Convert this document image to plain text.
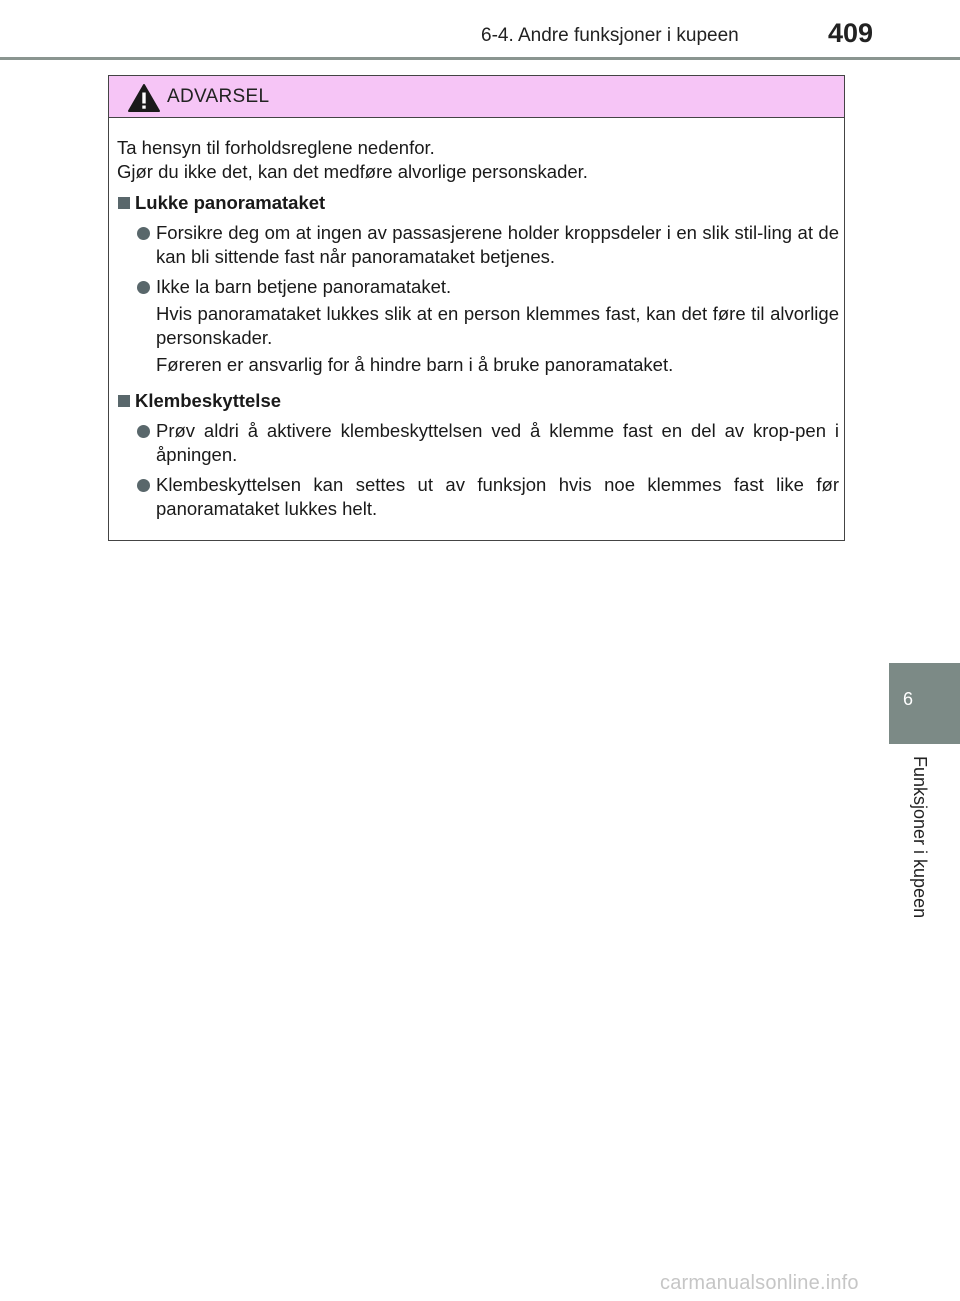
6-4. Andre funksjoner i kupeen	409
ADVARSEL

Ta hensyn til forholdsreglene nedenfor.

Gjør du ikke det, kan det medføre alvorlige personskader.

Lukke panoramataket

Forsikre deg om at ingen av passasjerene holder kroppsdeler i en slik stil-ling at de kan bli sittende fast når panoramataket betjenes.

Ikke la barn betjene panoramataket.

Hvis panoramataket lukkes slik at en person klemmes fast, kan det føre til alvorlige personskader.

Føreren er ansvarlig for å hindre barn i å bruke panoramataket.

Klembeskyttelse

Prøv aldri å aktivere klembeskyttelsen ved å klemme fast en del av krop-pen i åpningen.

Klembeskyttelsen kan settes ut av funksjon hvis noe klemmes fast like før panoramataket lukkes helt.

6
Funksjoner i kupeen
carmanualsonline.info
